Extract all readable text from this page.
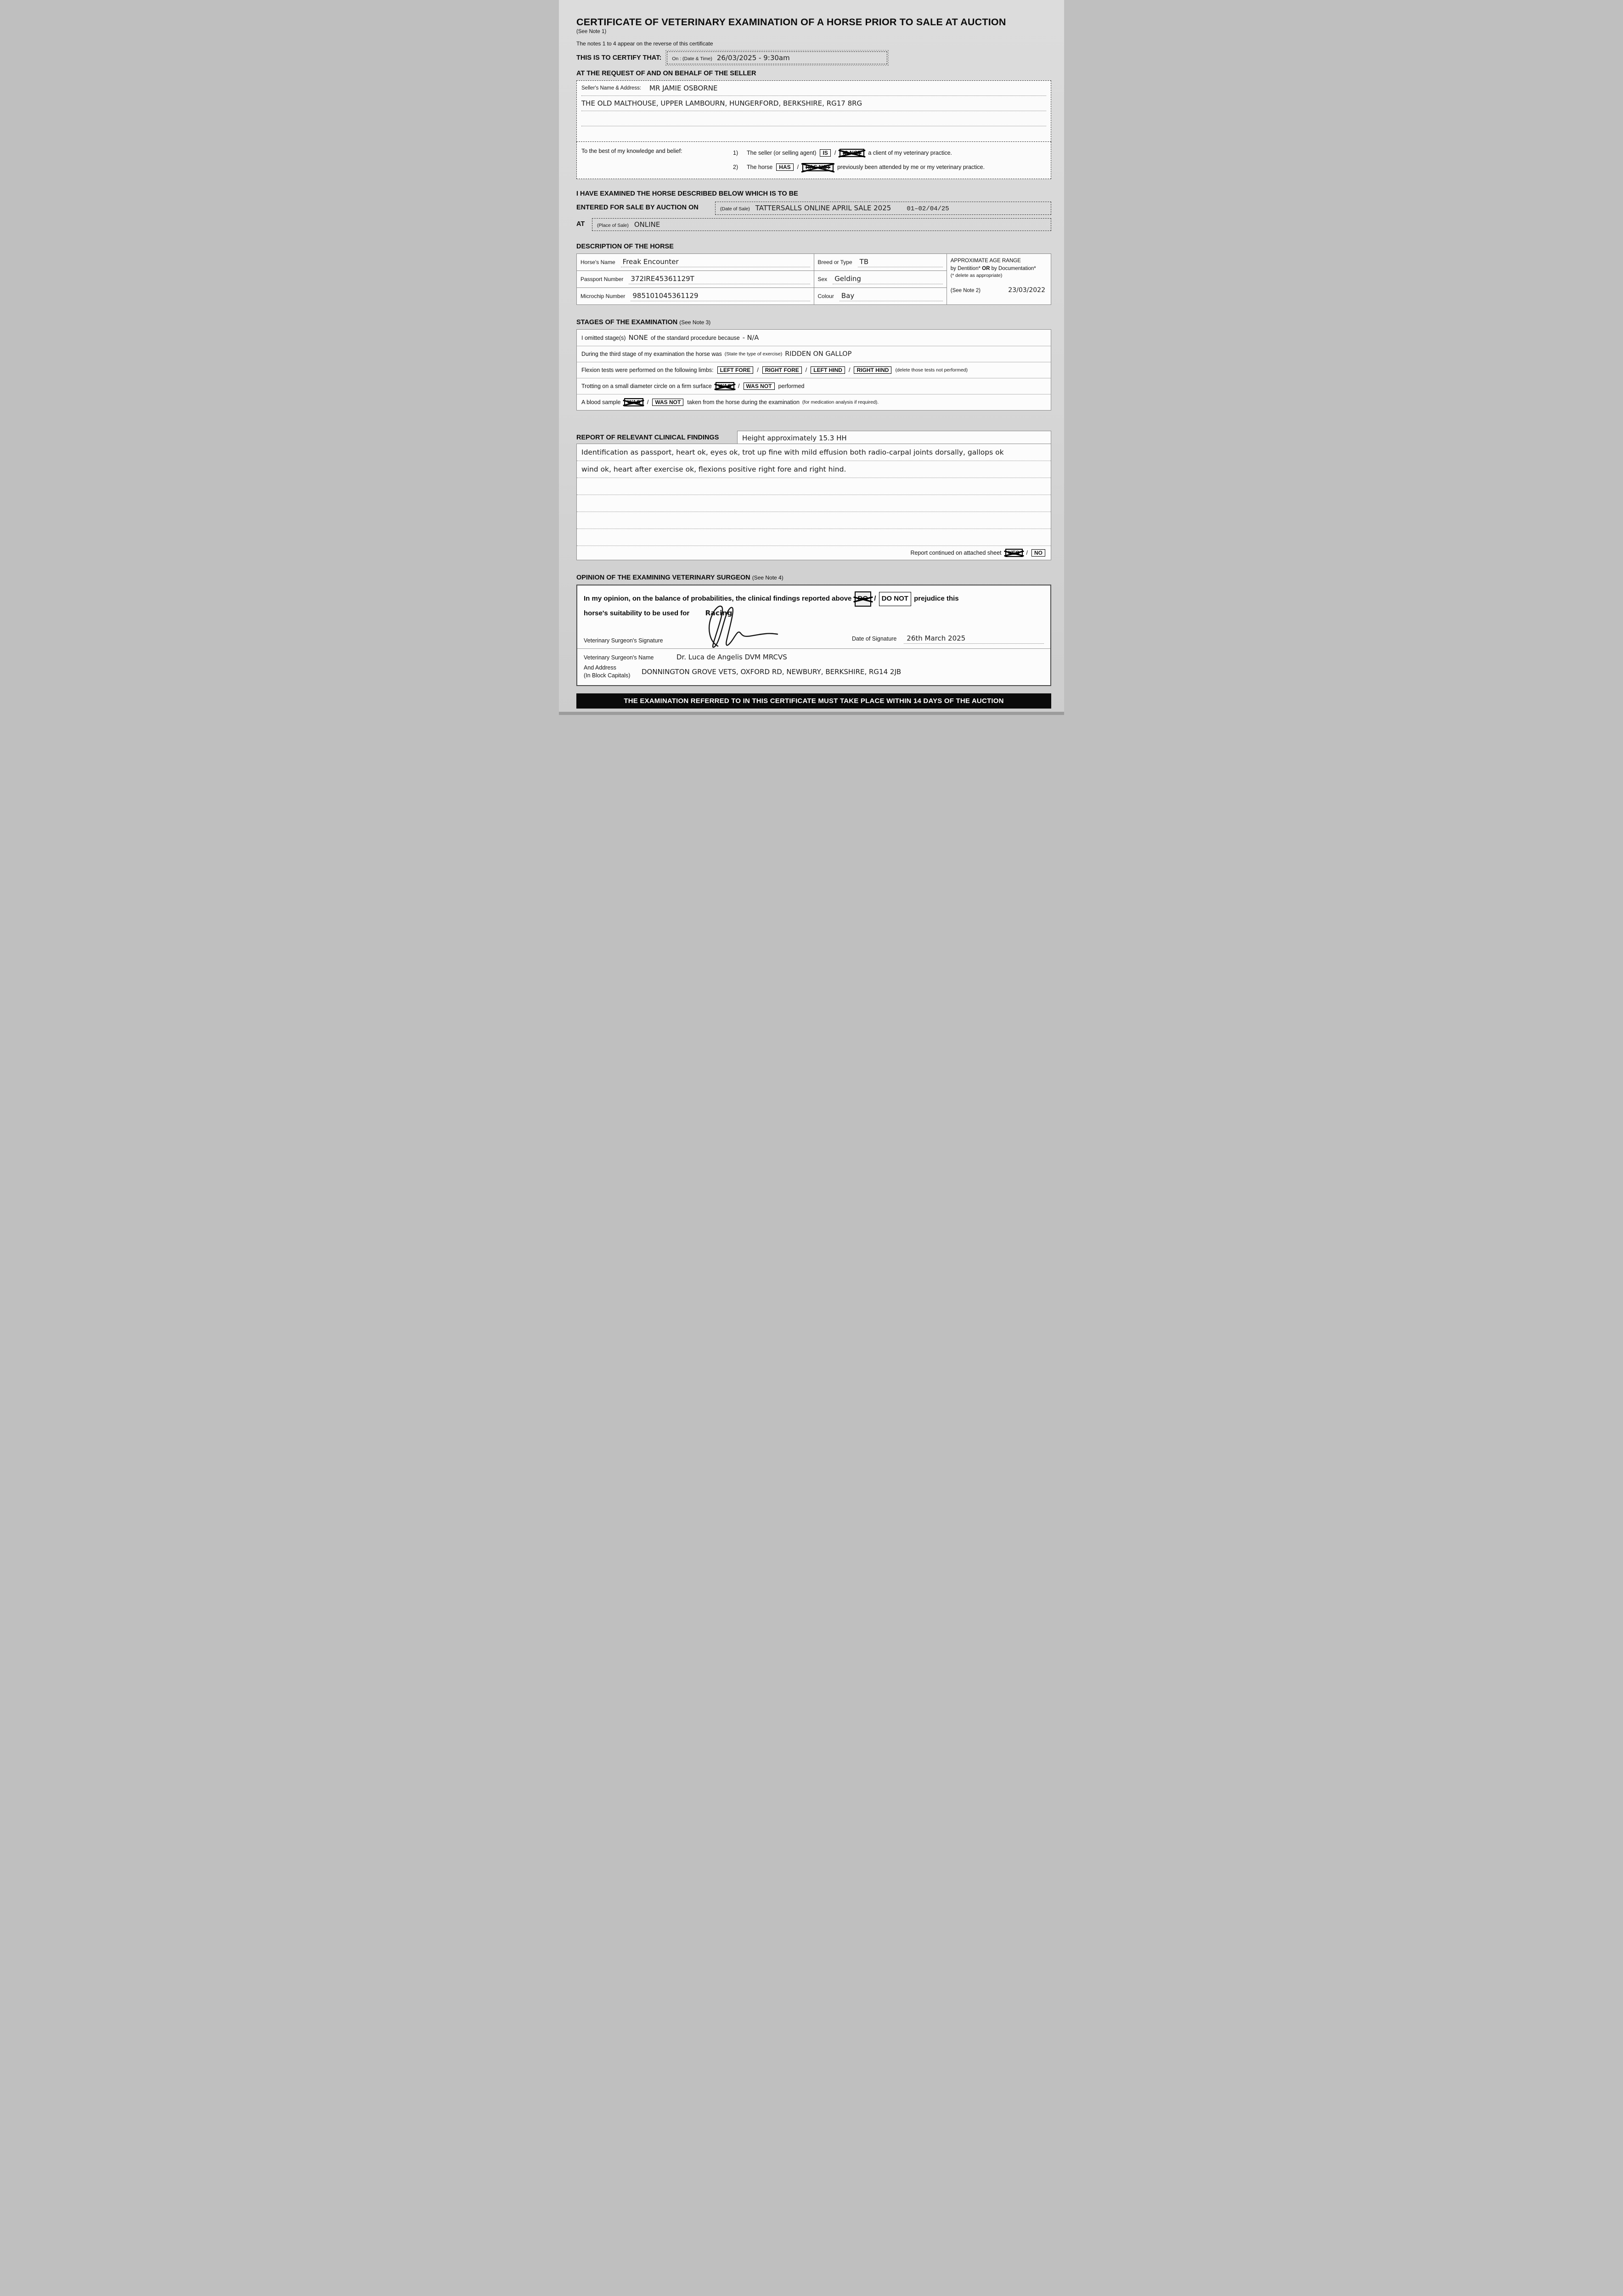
CERTIFICATE OF VETERINARY EXAMINATION OF A HORSE PRIOR TO SALE AT AUCTION
(See Note 1)
The notes 1 to 4 appear on the reverse of this certificate
THIS IS TO CERTIFY THAT: On : (Date & Time) 26/03/2025 - 9:30am
AT THE REQUEST OF AND ON BEHALF OF THE SELLER
Seller's Name & Address: MR JAMIE OSBORNE
THE OLD MALTHOUSE, UPPER LAMBOURN, HUNGERFORD, BERKSHIRE, RG17 8RG
To the best of my knowledge and belief:	1)	The seller (or selling agent)	IS	/	IS NOT	a client of my veterinary practice.
2)	The horse	HAS	/	HAS NOT	previously been attended by me or my veterinary practice.
I HAVE EXAMINED THE HORSE DESCRIBED BELOW WHICH IS TO BE
ENTERED FOR SALE BY AUCTION ON	(Date of Sale) TATTERSALLS ONLINE APRIL SALE 2025 01–02/04/25
AT	(Place of Sale) ONLINE
DESCRIPTION OF THE HORSE
Horse's Name Freak Encounter	Breed or Type TB	APPROXIMATE AGE RANGE
by Dentition* OR by Documentation*
(* delete as appropriate)
(See Note 2)	23/03/2022

Passport Number 372IRE45361129T	Sex Gelding	

Microchip Number 985101045361129	Colour Bay	
STAGES OF THE EXAMINATION (See Note 3)
I omitted stage(s) NONE of the standard procedure because - N/A
During the third stage of my examination the horse was (State the type of exercise) RIDDEN ON GALLOP
Flexion tests were performed on the following limbs:	LEFT FORE	/	RIGHT FORE	/	LEFT HIND	/	RIGHT HIND	(delete those tests not performed)
Trotting on a small diameter circle on a firm surface	WAS	/	WAS NOT	performed
A blood sample	WAS	/	WAS NOT	taken from the horse during the examination (for medication analysis if required).
REPORT OF RELEVANT CLINICAL FINDINGS	Height approximately 15.3 HH
Identification as passport, heart ok, eyes ok, trot up fine with mild effusion both radio-carpal joints dorsally, gallops ok
wind ok, heart after exercise ok, flexions positive right fore and right hind.
Report continued on attached sheet	YES	/	NO
OPINION OF THE EXAMINING VETERINARY SURGEON (See Note 4)
In my opinion, on the balance of probabilities, the clinical findings reported above DO / DO NOT prejudice this
horse's suitability to be used for Racing
Veterinary Surgeon's Signature	Date of Signature	26th March 2025
Veterinary Surgeon's Name	Dr. Luca de Angelis DVM MRCVS
And Address
(In Block Capitals)	DONNINGTON GROVE VETS, OXFORD RD, NEWBURY, BERKSHIRE, RG14 2JB
THE EXAMINATION REFERRED TO IN THIS CERTIFICATE MUST TAKE PLACE WITHIN 14 DAYS OF THE AUCTION
